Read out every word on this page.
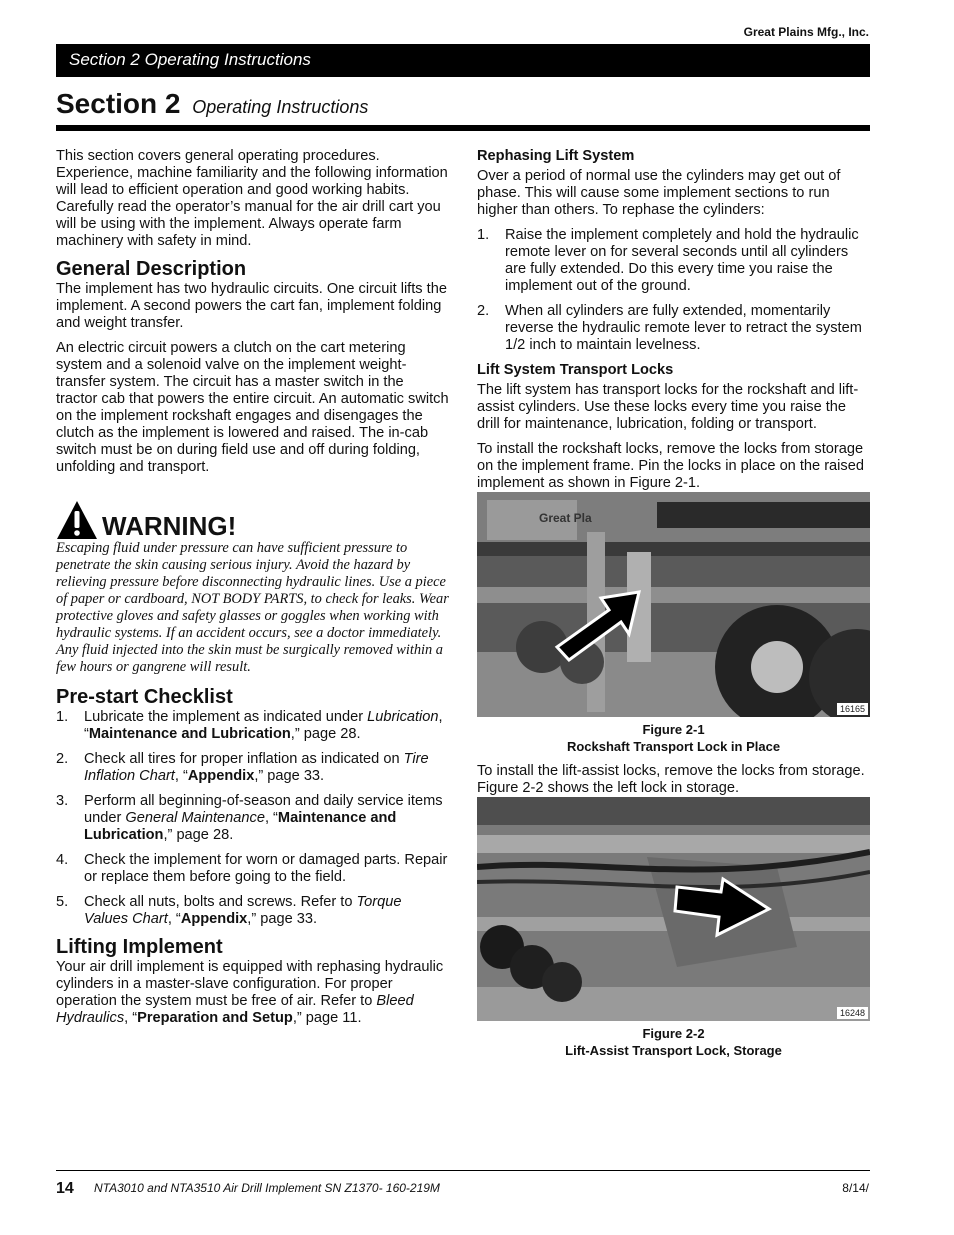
Great Plains Mfg., Inc.
Section 2 Operating Instructions
Section 2 Operating Instructions

This section covers general operating procedures. Experience, machine familiarity and the following information will lead to efficient operation and good working habits. Carefully read the operator’s manual for the air drill cart you will be using with the implement. Always operate farm machinery with safety in mind.

General Description

The implement has two hydraulic circuits. One circuit lifts the implement. A second powers the cart fan, implement folding and weight transfer.

An electric circuit powers a clutch on the cart metering system and a solenoid valve on the implement weight-transfer system. The circuit has a master switch in the tractor cab that powers the entire circuit. An automatic switch on the implement rockshaft engages and disengages the clutch as the implement is lowered and raised. The in-cab switch must be on during field use and off during folding, unfolding and transport.

WARNING!

Escaping fluid under pressure can have sufficient pressure to penetrate the skin causing serious injury. Avoid the hazard by relieving pressure before disconnecting hydraulic lines. Use a piece of paper or cardboard, NOT BODY PARTS, to check for leaks. Wear protective gloves and safety glasses or goggles when working with hydraulic systems. If an accident occurs, see a doctor immediately. Any fluid injected into the skin must be surgically removed within a few hours or gangrene will result.

Pre-start Checklist
1. Lubricate the implement as indicated under Lubrication, “Maintenance and Lubrication,” page 28.
2. Check all tires for proper inflation as indicated on Tire Inflation Chart, “Appendix,” page 33.
3. Perform all beginning-of-season and daily service items under General Maintenance, “Maintenance and Lubrication,” page 28.
4. Check the implement for worn or damaged parts. Repair or replace them before going to the field.
5. Check all nuts, bolts and screws. Refer to Torque Values Chart, “Appendix,” page 33.
Lifting Implement

Your air drill implement is equipped with rephasing hydraulic cylinders in a master-slave configuration. For proper operation the system must be free of air. Refer to Bleed Hydraulics, “Preparation and Setup,” page 11.

Rephasing Lift System

Over a period of normal use the cylinders may get out of phase. This will cause some implement sections to run higher than others. To rephase the cylinders:

1. Raise the implement completely and hold the hydraulic remote lever on for several seconds until all cylinders are fully extended. Do this every time you raise the implement out of the ground.
2. When all cylinders are fully extended, momentarily reverse the hydraulic remote lever to retract the system 1/2 inch to maintain levelness.
Lift System Transport Locks

The lift system has transport locks for the rockshaft and lift-assist cylinders. Use these locks every time you raise the drill for maintenance, lubrication, folding or transport.

To install the rockshaft locks, remove the locks from storage on the implement frame. Pin the locks in place on the raised implement as shown in Figure 2-1.

Great Pla
16165
Figure 2-1
Rockshaft Transport Lock in Place

To install the lift-assist locks, remove the locks from storage. Figure 2-2 shows the left lock in storage.

16248
Figure 2-2
Lift-Assist Transport Lock, Storage
14 NTA3010 and NTA3510 Air Drill Implement SN Z1370- 160-219M	8/14/
